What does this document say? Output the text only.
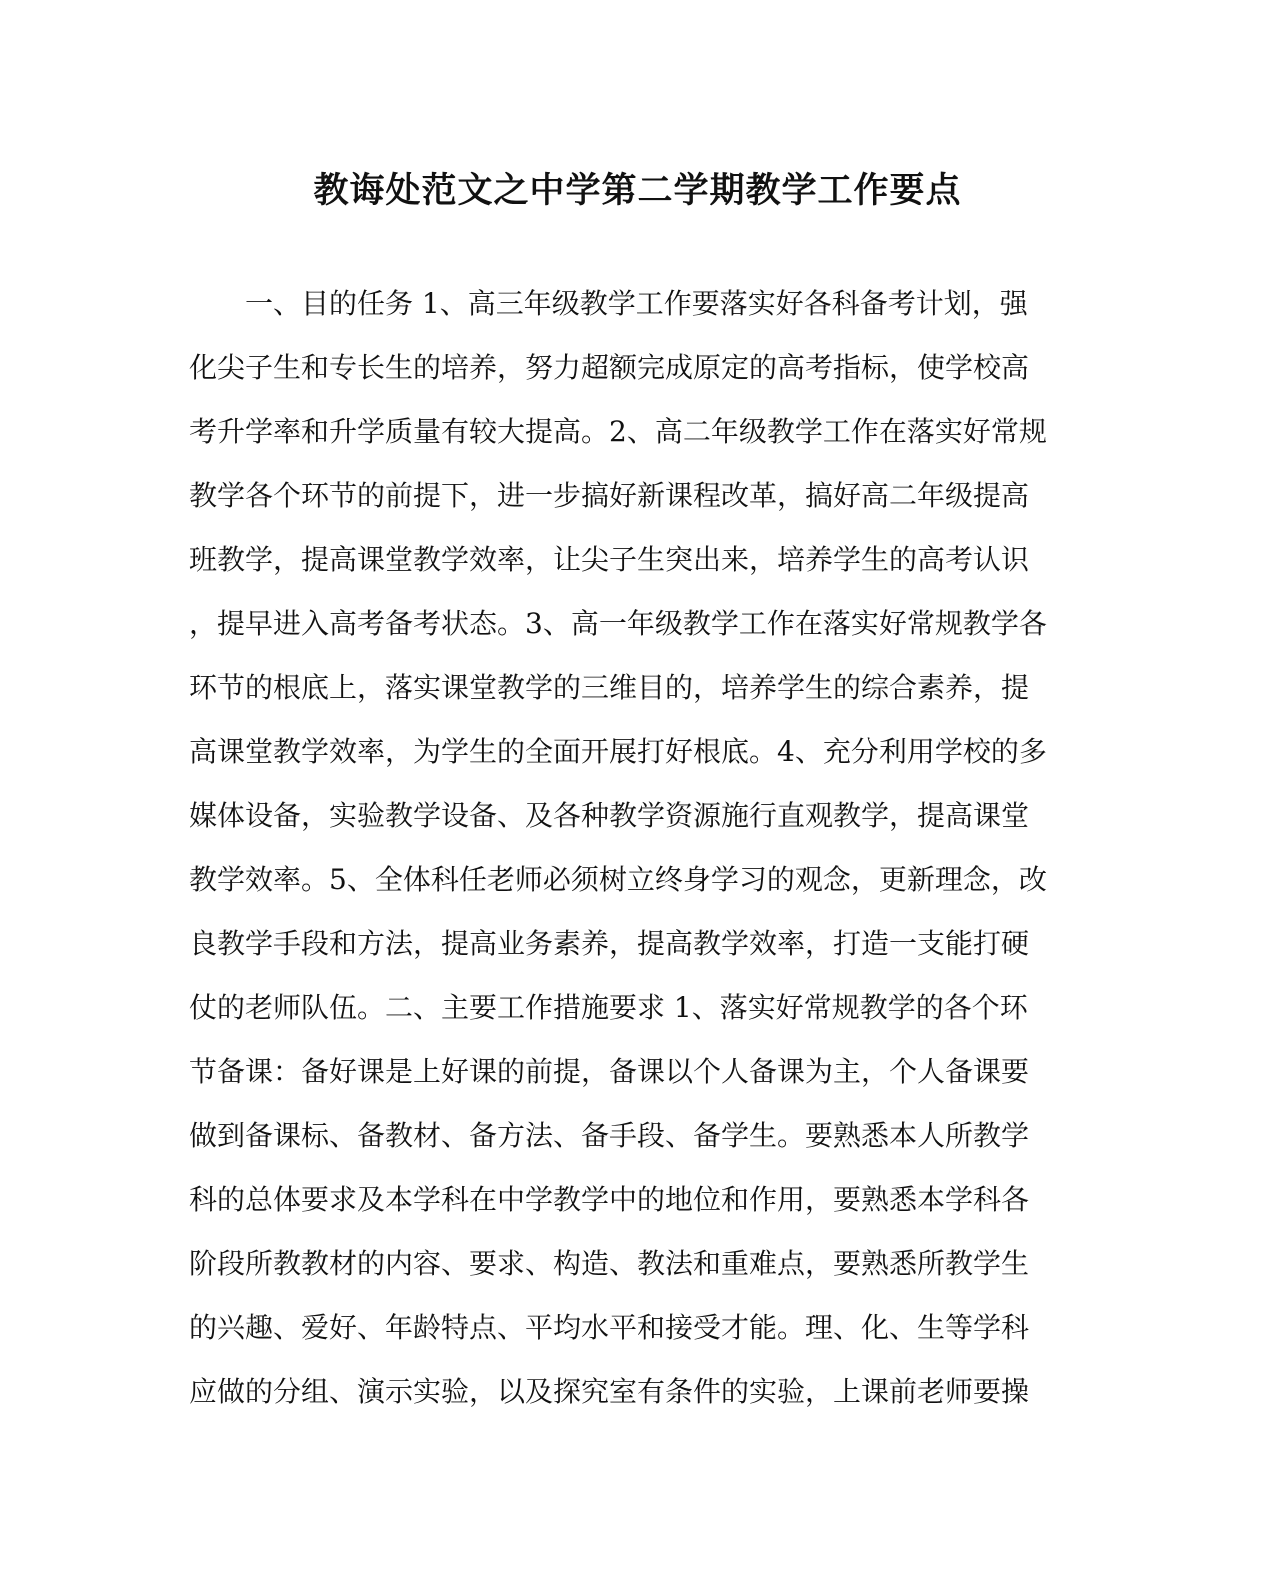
教诲处范文之中学第二学期教学工作要点
一、目的任务 1、高三年级教学工作要落实好各科备考计划，强
化尖子生和专长生的培养，努力超额完成原定的高考指标，使学校高
考升学率和升学质量有较大提高。2、高二年级教学工作在落实好常规
教学各个环节的前提下，进一步搞好新课程改革，搞好高二年级提高
班教学，提高课堂教学效率，让尖子生突出来，培养学生的高考认识
，提早进入高考备考状态。3、高一年级教学工作在落实好常规教学各
环节的根底上，落实课堂教学的三维目的，培养学生的综合素养，提
高课堂教学效率，为学生的全面开展打好根底。4、充分利用学校的多
媒体设备，实验教学设备、及各种教学资源施行直观教学，提高课堂
教学效率。5、全体科任老师必须树立终身学习的观念，更新理念，改
良教学手段和方法，提高业务素养，提高教学效率，打造一支能打硬
仗的老师队伍。二、主要工作措施要求 1、落实好常规教学的各个环
节备课：备好课是上好课的前提，备课以个人备课为主，个人备课要
做到备课标、备教材、备方法、备手段、备学生。要熟悉本人所教学
科的总体要求及本学科在中学教学中的地位和作用，要熟悉本学科各
阶段所教教材的内容、要求、构造、教法和重难点，要熟悉所教学生
的兴趣、爱好、年龄特点、平均水平和接受才能。理、化、生等学科
应做的分组、演示实验，以及探究室有条件的实验，上课前老师要操
